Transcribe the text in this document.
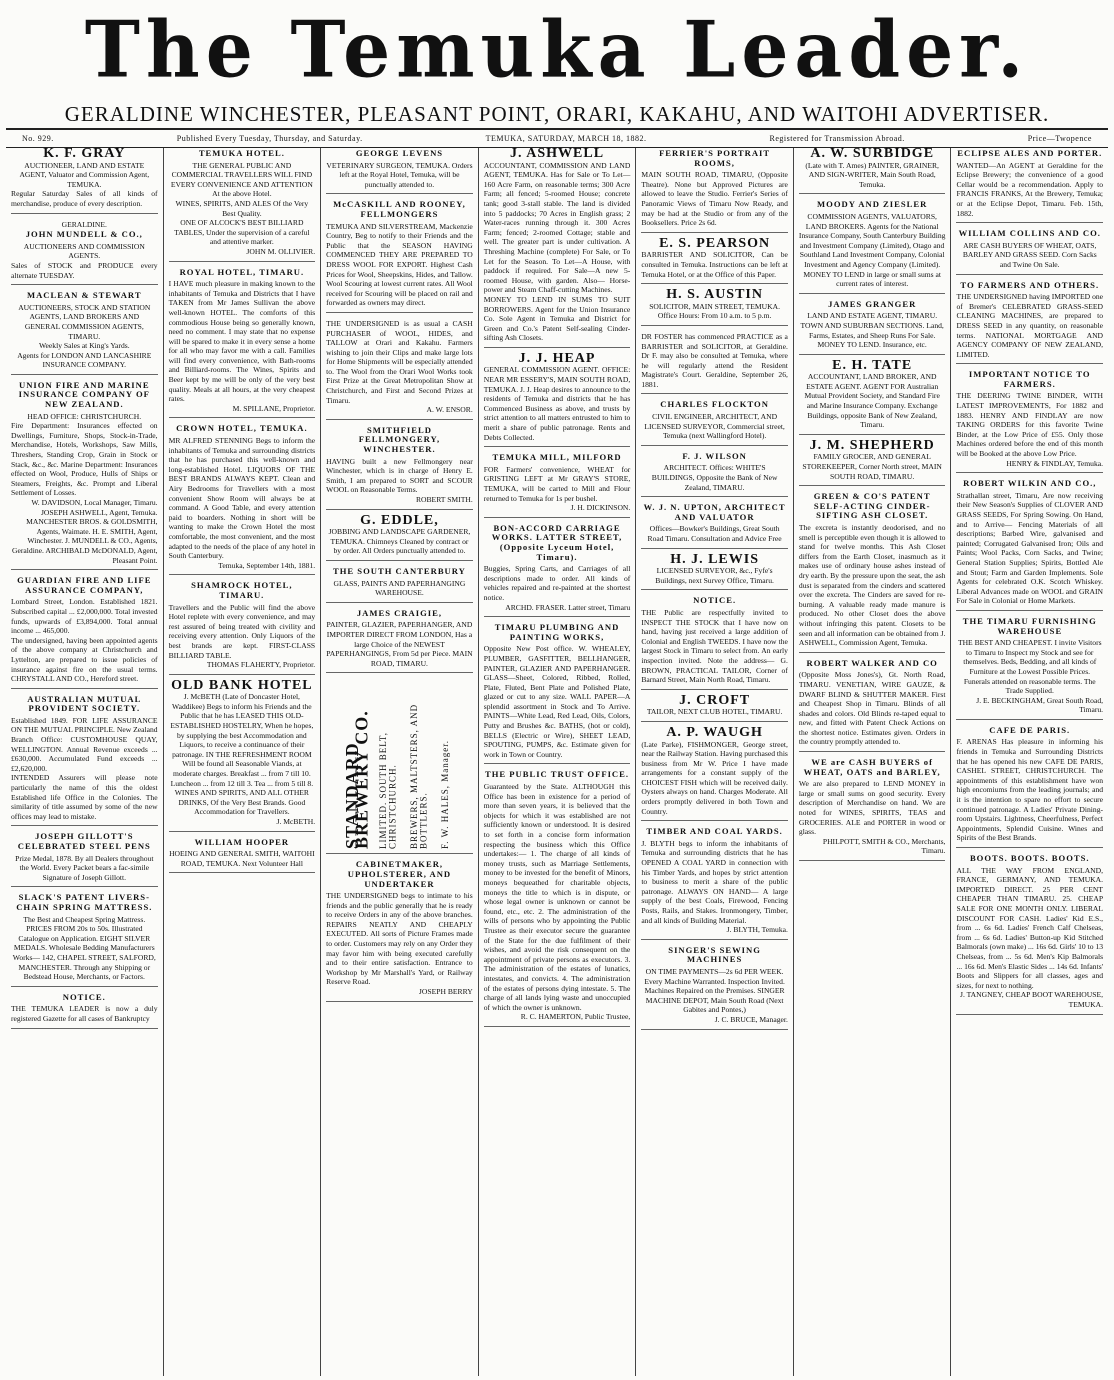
The Temuka Leader.
GERALDINE WINCHESTER, PLEASANT POINT, ORARI, KAKAHU, AND WAITOHI ADVERTISER.
No. 929.	Published Every Tuesday, Thursday, and Saturday.	TEMUKA, SATURDAY, MARCH 18, 1882.	Registered for Transmission Abroad.	Price—Twopence
K. F. GRAY

AUCTIONEER, LAND AND ESTATE AGENT, Valuator and Commission Agent, TEMUKA.

Regular Saturday Sales of all kinds of merchandise, produce of every description.

GERALDINE.

JOHN MUNDELL & CO.,

AUCTIONEERS AND COMMISSION AGENTS.

Sales of STOCK and PRODUCE every alternate TUESDAY.

MACLEAN & STEWART

AUCTIONEERS, STOCK AND STATION AGENTS, LAND BROKERS AND GENERAL COMMISSION AGENTS, TIMARU.

Weekly Sales at King's Yards.

Agents for LONDON AND LANCASHIRE INSURANCE COMPANY.

UNION FIRE AND MARINE INSURANCE COMPANY OF NEW ZEALAND.

HEAD OFFICE: CHRISTCHURCH.

Fire Department: Insurances effected on Dwellings, Furniture, Shops, Stock-in-Trade, Merchandise, Hotels, Workshops, Saw Mills, Threshers, Standing Crop, Grain in Stock or Stack, &c., &c. Marine Department: Insurances effected on Wool, Produce, Hulls of Ships or Steamers, Freights, &c. Prompt and Liberal Settlement of Losses.

W. DAVIDSON, Local Manager, Timaru. JOSEPH ASHWELL, Agent, Temuka. MANCHESTER BROS. & GOLDSMITH, Agents, Waimate. H. E. SMITH, Agent, Winchester. J. MUNDELL & CO., Agents, Geraldine. ARCHIBALD McDONALD, Agent, Pleasant Point.

GUARDIAN FIRE AND LIFE ASSURANCE COMPANY,

Lombard Street, London. Established 1821. Subscribed capital ... £2,000,000. Total invested funds, upwards of £3,894,000. Total annual income ... 465,000.

The undersigned, having been appointed agents of the above company at Christchurch and Lyttelton, are prepared to issue policies of insurance against fire on the usual terms. CHRYSTALL AND CO., Hereford street.

AUSTRALIAN MUTUAL PROVIDENT SOCIETY.

Established 1849. FOR LIFE ASSURANCE ON THE MUTUAL PRINCIPLE. New Zealand Branch Office: CUSTOMHOUSE QUAY, WELLINGTON. Annual Revenue exceeds ... £630,000. Accumulated Fund exceeds ... £2,620,000.

INTENDED Assurers will please note particularly the name of this the oldest Established life Office in the Colonies. The similarity of title assumed by some of the new offices may lead to mistake.

JOSEPH GILLOTT'S CELEBRATED STEEL PENS

Prize Medal, 1878. By all Dealers throughout the World. Every Packet bears a fac-simile Signature of Joseph Gillott.

SLACK'S PATENT LIVERS-CHAIN SPRING MATTRESS.

The Best and Cheapest Spring Mattress. PRICES FROM 20s to 50s. Illustrated Catalogue on Application. EIGHT SILVER MEDALS. Wholesale Bedding Manufacturers Works— 142, CHAPEL STREET, SALFORD, MANCHESTER. Through any Shipping or Bedstead House, Merchants, or Factors.

NOTICE.

THE TEMUKA LEADER is now a duly registered Gazette for all cases of Bankruptcy

TEMUKA HOTEL.

THE GENERAL PUBLIC AND COMMERCIAL TRAVELLERS WILL FIND EVERY CONVENIENCE AND ATTENTION At the above Hotel.

WINES, SPIRITS, AND ALES Of the Very Best Quality.

ONE OF ALCOCK'S BEST BILLIARD TABLES, Under the supervision of a careful and attentive marker.

JOHN M. OLLIVIER.

ROYAL HOTEL, TIMARU.

I HAVE much pleasure in making known to the inhabitants of Temuka and Districts that I have TAKEN from Mr James Sullivan the above well-known HOTEL. The comforts of this commodious House being so generally known, need no comment. I may state that no expense will be spared to make it in every sense a home for all who may favor me with a call. Families will find every convenience, with Bath-rooms and Billiard-rooms. The Wines, Spirits and Beer kept by me will be only of the very best quality. Meals at all hours, at the very cheapest rates.

M. SPILLANE, Proprietor.

CROWN HOTEL, TEMUKA.

MR ALFRED STENNING Begs to inform the inhabitants of Temuka and surrounding districts that he has purchased this well-known and long-established Hotel. LIQUORS OF THE BEST BRANDS ALWAYS KEPT. Clean and Airy Bedrooms for Travellers with a most convenient Show Room will always be at command. A Good Table, and every attention paid to boarders. Nothing in short will be wanting to make the Crown Hotel the most comfortable, the most convenient, and the most adapted to the needs of the place of any hotel in South Canterbury.

Temuka, September 14th, 1881.

SHAMROCK HOTEL, TIMARU.

Travellers and the Public will find the above Hotel replete with every convenience, and may rest assured of being treated with civility and receiving every attention. Only Liquors of the best brands are kept. FIRST-CLASS BILLIARD TABLE.

THOMAS FLAHERTY, Proprietor.

OLD BANK HOTEL

J. McBETH (Late of Doncaster Hotel, Waddikee) Begs to inform his Friends and the Public that he has LEASED THIS OLD-ESTABLISHED HOSTELRY, When he hopes, by supplying the best Accommodation and Liquors, to receive a continuance of their patronage. IN THE REFRESHMENT ROOM Will be found all Seasonable Viands, at moderate charges. Breakfast ... from 7 till 10. Luncheon ... from 12 till 3. Tea ... from 5 till 8. WINES AND SPIRITS, AND ALL OTHER DRINKS, Of the Very Best Brands. Good Accommodation for Travellers.

J. McBETH.

WILLIAM HOOPER

HOEING AND GENERAL SMITH, WAITOHI ROAD, TEMUKA. Next Volunteer Hall

GEORGE LEVENS

VETERINARY SURGEON, TEMUKA. Orders left at the Royal Hotel, Temuka, will be punctually attended to.

McCASKILL AND ROONEY, FELLMONGERS

TEMUKA AND SILVERSTREAM, Mackenzie Country, Beg to notify to their Friends and the Public that the SEASON HAVING COMMENCED THEY ARE PREPARED TO DRESS WOOL FOR EXPORT. Highest Cash Prices for Wool, Sheepskins, Hides, and Tallow. Wool Scouring at lowest current rates. All Wool received for Scouring will be placed on rail and forwarded as owners may direct.

THE UNDERSIGNED is as usual a CASH PURCHASER of WOOL, HIDES, and TALLOW at Orari and Kakahu. Farmers wishing to join their Clips and make large lots for Home Shipments will be especially attended to. The Wool from the Orari Wool Works took First Prize at the Great Metropolitan Show at Christchurch, and First and Second Prizes at Timaru.

A. W. ENSOR.

SMITHFIELD FELLMONGERY, WINCHESTER.

HAVING built a new Fellmongery near Winchester, which is in charge of Henry E. Smith, I am prepared to SORT and SCOUR WOOL on Reasonable Terms.

ROBERT SMITH.

G. EDDLE,

JOBBING AND LANDSCAPE GARDENER, TEMUKA. Chimneys Cleaned by contract or by order. All Orders punctually attended to.

THE SOUTH CANTERBURY

GLASS, PAINTS AND PAPERHANGING WAREHOUSE.

JAMES CRAIGIE,

PAINTER, GLAZIER, PAPERHANGER, AND IMPORTER DIRECT FROM LONDON, Has a large Choice of the NEWEST PAPERHANGINGS, From 5d per Piece. MAIN ROAD, TIMARU.

STANDARD BREWERY CO. LIMITED. SOUTH BELT, CHRISTCHURCH. BREWERS, MALTSTERS, AND BOTTLERS. F. W. HALES, Manager.
CABINETMAKER, UPHOLSTERER, AND UNDERTAKER

THE UNDERSIGNED begs to intimate to his friends and the public generally that he is ready to receive Orders in any of the above branches. REPAIRS NEATLY AND CHEAPLY EXECUTED. All sorts of Picture Frames made to order. Customers may rely on any Order they may favor him with being executed carefully and to their entire satisfaction. Entrance to Workshop by Mr Marshall's Yard, or Railway Reserve Road.

JOSEPH BERRY

J. ASHWELL

ACCOUNTANT, COMMISSION AND LAND AGENT, TEMUKA. Has for Sale or To Let— 160 Acre Farm, on reasonable terms; 300 Acre Farm; all fenced; 5-roomed House; concrete tank; good 3-stall stable. The land is divided into 5 paddocks; 70 Acres in English grass; 2 Water-races running through it. 300 Acres Farm; fenced; 2-roomed Cottage; stable and well. The greater part is under cultivation. A Threshing Machine (complete) For Sale, or To Let for the Season. To Let—A House, with paddock if required. For Sale—A new 5-roomed House, with garden. Also— Horse-power and Steam Chaff-cutting Machines.

MONEY TO LEND IN SUMS TO SUIT BORROWERS. Agent for the Union Insurance Co. Sole Agent in Temuka and District for Green and Co.'s Patent Self-sealing Cinder-sifting Ash Closets.

J. J. HEAP

GENERAL COMMISSION AGENT. OFFICE: NEAR MR ESSERY'S, MAIN SOUTH ROAD, TEMUKA. J. J. Heap desires to announce to the residents of Temuka and districts that he has Commenced Business as above, and trusts by strict attention to all matters entrusted to him to merit a share of public patronage. Rents and Debts Collected.

TEMUKA MILL, MILFORD

FOR Farmers' convenience, WHEAT for GRISTING LEFT at Mr GRAY'S STORE, TEMUKA, will be carted to Mill and Flour returned to Temuka for 1s per bushel.

J. H. DICKINSON.

BON-ACCORD CARRIAGE WORKS. LATTER STREET, (Opposite Lyceum Hotel, Timaru).

Buggies, Spring Carts, and Carriages of all descriptions made to order. All kinds of vehicles repaired and re-painted at the shortest notice.

ARCHD. FRASER. Latter street, Timaru

TIMARU PLUMBING AND PAINTING WORKS,

Opposite New Post office. W. WHEALEY, PLUMBER, GASFITTER, BELLHANGER, PAINTER, GLAZIER AND PAPERHANGER. GLASS—Sheet, Colored, Ribbed, Rolled, Plate, Fluted, Bent Plate and Polished Plate, glazed or cut to any size. WALL PAPER—A splendid assortment in Stock and To Arrive. PAINTS—White Lead, Red Lead, Oils, Colors, Putty and Brushes &c. BATHS, (hot or cold), BELLS (Electric or Wire), SHEET LEAD, SPOUTING, PUMPS, &c. Estimate given for work in Town or Country.

THE PUBLIC TRUST OFFICE.

Guaranteed by the State. ALTHOUGH this Office has been in existence for a period of more than seven years, it is believed that the objects for which it was established are not sufficiently known or understood. It is desired to set forth in a concise form information respecting the business which this Office undertakes:— 1. The charge of all kinds of money trusts, such as Marriage Settlements, money to be invested for the benefit of Minors, moneys bequeathed for charitable objects, moneys the title to which is in dispute, or whose legal owner is unknown or cannot be found, etc., etc. 2. The administration of the wills of persons who by appointing the Public Trustee as their executor secure the guarantee of the State for the due fulfilment of their wishes, and avoid the risk consequent on the appointment of private persons as executors. 3. The administration of the estates of lunatics, intestates, and convicts. 4. The administration of the estates of persons dying intestate. 5. The charge of all lands lying waste and unoccupied of which the owner is unknown.

R. C. HAMERTON, Public Trustee,

FERRIER'S PORTRAIT ROOMS,

MAIN SOUTH ROAD, TIMARU, (Opposite Theatre). None but Approved Pictures are allowed to leave the Studio. Ferrier's Series of Panoramic Views of Timaru Now Ready, and may be had at the Studio or from any of the Booksellers. Price 2s 6d.

E. S. PEARSON

BARRISTER AND SOLICITOR, Can be consulted in Temuka. Instructions can be left at Temuka Hotel, or at the Office of this Paper.

H. S. AUSTIN

SOLICITOR, MAIN STREET, TEMUKA. Office Hours: From 10 a.m. to 5 p.m.

DR FOSTER has commenced PRACTICE as a BARRISTER and SOLICITOR, at Geraldine. Dr F. may also be consulted at Temuka, where he will regularly attend the Resident Magistrate's Court. Geraldine, September 26, 1881.

CHARLES FLOCKTON

CIVIL ENGINEER, ARCHITECT, AND LICENSED SURVEYOR, Commercial street, Temuka (next Wallingford Hotel).

F. J. WILSON

ARCHITECT. Offices: WHITE'S BUILDINGS, Opposite the Bank of New Zealand, TIMARU.

W. J. N. UPTON, ARCHITECT AND VALUATOR

Offices—Bowker's Buildings, Great South Road Timaru. Consultation and Advice Free

H. J. LEWIS

LICENSED SURVEYOR, &c., Fyfe's Buildings, next Survey Office, Timaru.

NOTICE.

THE Public are respectfully invited to INSPECT THE STOCK that I have now on hand, having just received a large addition of Colonial and English TWEEDS. I have now the largest Stock in Timaru to select from. An early inspection invited. Note the address— G. BROWN, PRACTICAL TAILOR, Corner of Barnard Street, Main North Road, Timaru.

J. CROFT

TAILOR, NEXT CLUB HOTEL, TIMARU.

A. P. WAUGH

(Late Parke), FISHMONGER, George street, near the Railway Station. Having purchased this business from Mr W. Price I have made arrangements for a constant supply of the CHOICEST FISH which will be received daily. Oysters always on hand. Charges Moderate. All orders promptly delivered in both Town and Country.

TIMBER AND COAL YARDS.

J. BLYTH begs to inform the inhabitants of Temuka and surrounding districts that he has OPENED A COAL YARD in connection with his Timber Yards, and hopes by strict attention to business to merit a share of the public patronage. ALWAYS ON HAND— A large supply of the best Coals, Firewood, Fencing Posts, Rails, and Stakes. Ironmongery, Timber, and all kinds of Building Material.

J. BLYTH, Temuka.

SINGER'S SEWING MACHINES

ON TIME PAYMENTS—2s 6d PER WEEK. Every Machine Warranted. Inspection Invited. Machines Repaired on the Premises. SINGER MACHINE DEPOT, Main South Road (Next Gabites and Pontes,)

J. C. BRUCE, Manager.

A. W. SURBIDGE

(Late with T. Ames) PAINTER, GRAINER, AND SIGN-WRITER, Main South Road, Temuka.

MOODY AND ZIESLER

COMMISSION AGENTS, VALUATORS, LAND BROKERS. Agents for the National Insurance Company, South Canterbury Building and Investment Company (Limited), Otago and Southland Land Investment Company, Colonial Investment and Agency Company (Limited). MONEY TO LEND in large or small sums at current rates of interest.

JAMES GRANGER

LAND AND ESTATE AGENT, TIMARU. TOWN AND SUBURBAN SECTIONS. Land, Farms, Estates, and Sheep Runs For Sale. MONEY TO LEND. Insurance, etc.

E. H. TATE

ACCOUNTANT, LAND BROKER, AND ESTATE AGENT. AGENT FOR Australian Mutual Provident Society, and Standard Fire and Marine Insurance Company. Exchange Buildings, opposite Bank of New Zealand, Timaru.

J. M. SHEPHERD

FAMILY GROCER, AND GENERAL STOREKEEPER, Corner North street, MAIN SOUTH ROAD, TIMARU.

GREEN & CO'S PATENT SELF-ACTING CINDER-SIFTING ASH CLOSET.

The excreta is instantly deodorised, and no smell is perceptible even though it is allowed to stand for twelve months. This Ash Closet differs from the Earth Closet, inasmuch as it makes use of ordinary house ashes instead of dry earth. By the pressure upon the seat, the ash dust is separated from the cinders and scattered over the excreta. The Cinders are saved for re-burning. A valuable ready made manure is produced. No other Closet does the above without infringing this patent. Closets to be seen and all information can be obtained from J. ASHWELL, Commission Agent, Temuka.

ROBERT WALKER AND CO

(Opposite Moss Jones's), Gt. North Road, TIMARU. VENETIAN, WIRE GAUZE, & DWARF BLIND & SHUTTER MAKER. First and Cheapest Shop in Timaru. Blinds of all shades and colors. Old Blinds re-taped equal to new, and fitted with Patent Check Actions on the shortest notice. Estimates given. Orders in the country promptly attended to.

WE are CASH BUYERS of WHEAT, OATS and BARLEY,

We are also prepared to LEND MONEY in large or small sums on good security. Every description of Merchandise on hand. We are noted for WINES, SPIRITS, TEAS and GROCERIES. ALE and PORTER in wood or glass.

PHILPOTT, SMITH & CO., Merchants, Timaru.

ECLIPSE ALES AND PORTER.

WANTED—An AGENT at Geraldine for the Eclipse Brewery; the convenience of a good Cellar would be a recommendation. Apply to FRANCIS FRANKS, At the Brewery, Temuka; or at the Eclipse Depot, Timaru. Feb. 15th, 1882.

WILLIAM COLLINS AND CO.

ARE CASH BUYERS OF WHEAT, OATS, BARLEY AND GRASS SEED. Corn Sacks and Twine On Sale.

TO FARMERS AND OTHERS.

THE UNDERSIGNED having IMPORTED one of Bremer's CELEBRATED GRASS-SEED CLEANING MACHINES, are prepared to DRESS SEED in any quantity, on reasonable terms. NATIONAL MORTGAGE AND AGENCY COMPANY OF NEW ZEALAND, LIMITED.

IMPORTANT NOTICE TO FARMERS.

THE DEERING TWINE BINDER, WITH LATEST IMPROVEMENTS, For 1882 and 1883. HENRY AND FINDLAY are now TAKING ORDERS for this favorite Twine Binder, at the Low Price of £55. Only those Machines ordered before the end of this month will be Booked at the above Low Price.

HENRY & FINDLAY, Temuka.

ROBERT WILKIN AND CO.,

Strathallan street, Timaru, Are now receiving their New Season's Supplies of CLOVER AND GRASS SEEDS, For Spring Sowing. On Hand, and to Arrive— Fencing Materials of all descriptions; Barbed Wire, galvanised and painted; Corrugated Galvanised Iron; Oils and Paints; Wool Packs, Corn Sacks, and Twine; General Station Supplies; Spirits, Bottled Ale and Stout; Farm and Garden Implements. Sole Agents for celebrated O.K. Scotch Whiskey. Liberal Advances made on WOOL and GRAIN For Sale in Colonial or Home Markets.

THE TIMARU FURNISHING WAREHOUSE

THE BEST AND CHEAPEST. I invite Visitors to Timaru to Inspect my Stock and see for themselves. Beds, Bedding, and all kinds of Furniture at the Lowest Possible Prices. Funerals attended on reasonable terms. The Trade Supplied.

J. E. BECKINGHAM, Great South Road, Timaru.

CAFE DE PARIS.

F. ARENAS Has pleasure in informing his friends in Temuka and Surrounding Districts that he has opened his new CAFE DE PARIS, CASHEL STREET, CHRISTCHURCH. The appointments of this establishment have won high encomiums from the leading journals; and it is the intention to spare no effort to secure continued patronage. A Ladies' Private Dining-room Upstairs. Lightness, Cheerfulness, Perfect Appointments, Splendid Cuisine. Wines and Spirits of the Best Brands.

BOOTS. BOOTS. BOOTS.

ALL THE WAY FROM ENGLAND, FRANCE, GERMANY, AND TEMUKA. IMPORTED DIRECT. 25 PER CENT CHEAPER THAN TIMARU. 25. CHEAP SALE FOR ONE MONTH ONLY. LIBERAL DISCOUNT FOR CASH. Ladies' Kid E.S., from ... 6s 6d. Ladies' French Calf Chelseas, from ... 6s 6d. Ladies' Button-up Kid Stitched Balmorals (own make) ... 16s 6d. Girls' 10 to 13 Chelseas, from ... 5s 6d. Men's Kip Balmorals ... 16s 6d. Men's Elastic Sides ... 14s 6d. Infants' Boots and Slippers for all classes, ages and sizes, for next to nothing.

J. TANGNEY, CHEAP BOOT WAREHOUSE, TEMUKA.
